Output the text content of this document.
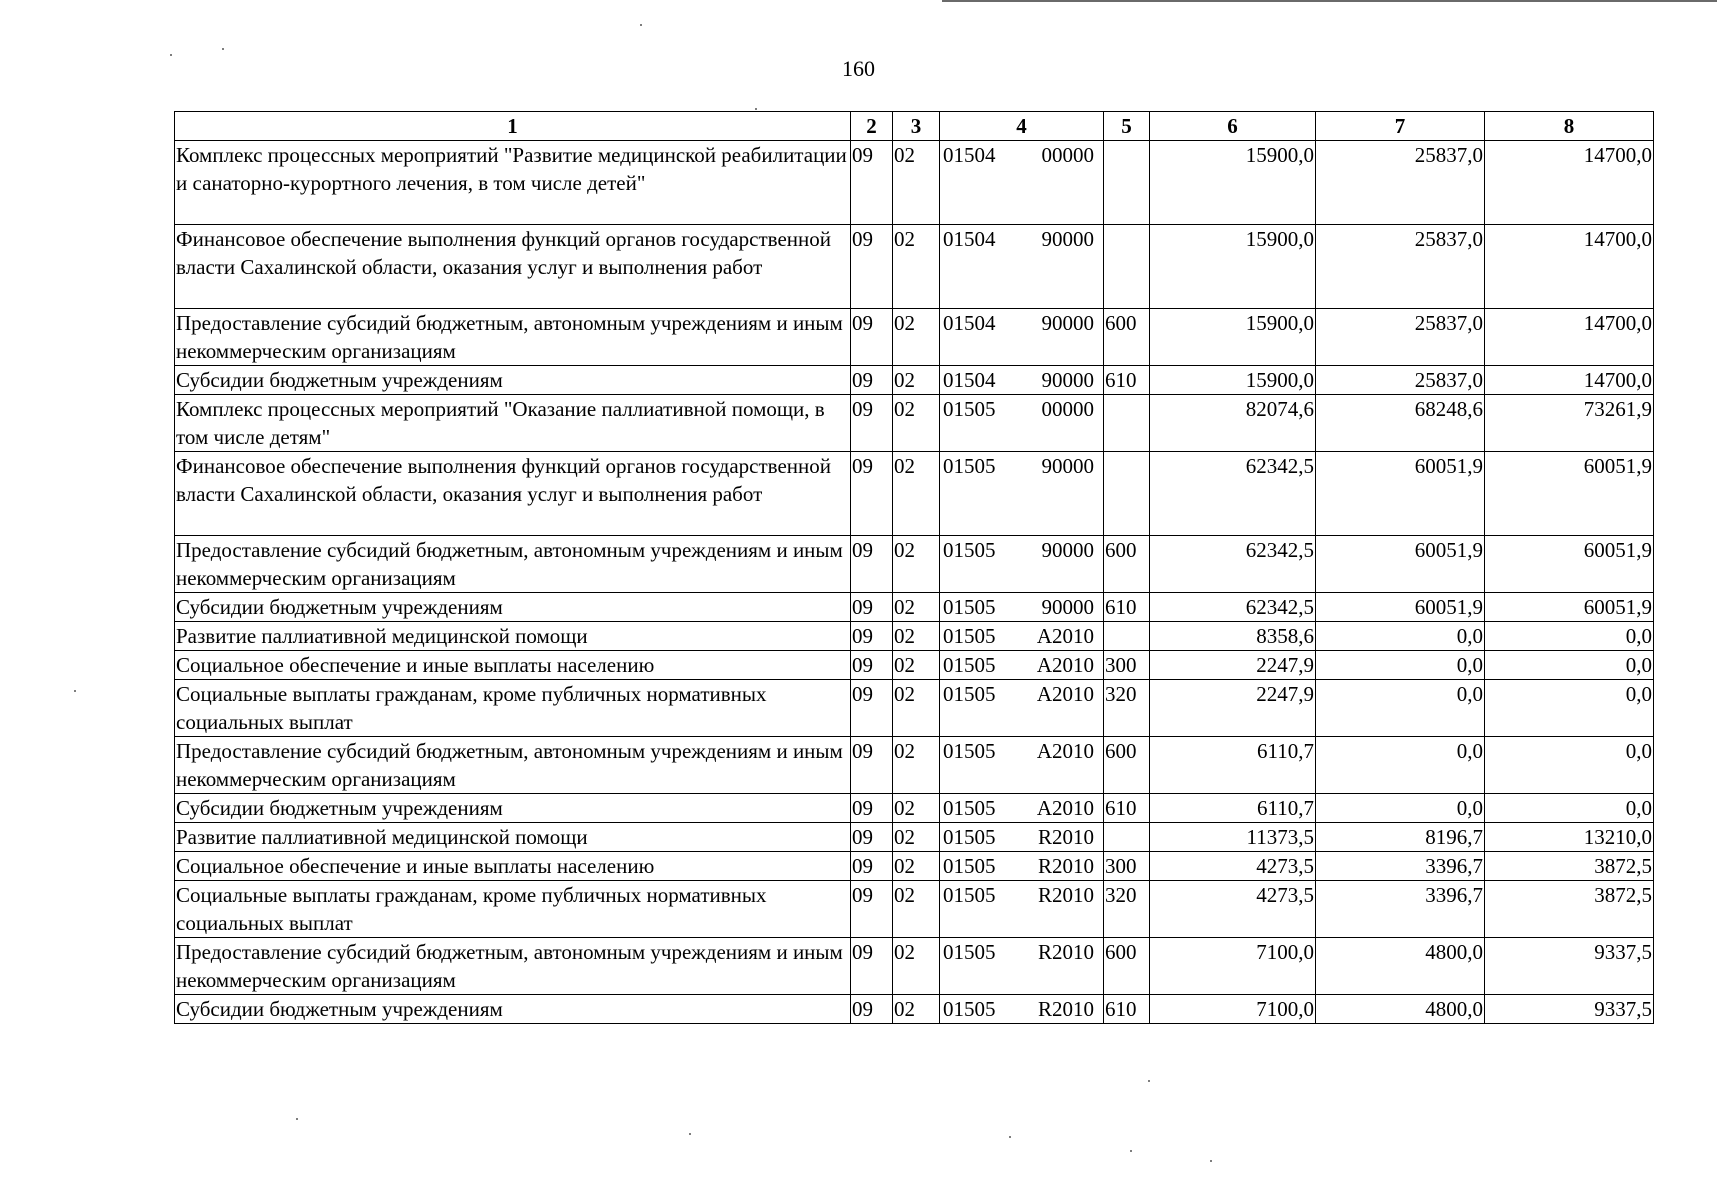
160
1	2	3	4	5	6	7	8
Комплекс процессных мероприятий "Развитие медицинской реабилитации и санаторно-курортного лечения, в том числе детей"	09	02	01504 00000		15900,0	25837,0	14700,0
Финансовое обеспечение выполнения функций органов государственной власти Сахалинской области, оказания услуг и выполнения работ	09	02	01504 90000		15900,0	25837,0	14700,0
Предоставление субсидий бюджетным, автономным учреждениям и иным некоммерческим организациям	09	02	01504 90000	600	15900,0	25837,0	14700,0
Субсидии бюджетным учреждениям	09	02	01504 90000	610	15900,0	25837,0	14700,0
Комплекс процессных мероприятий "Оказание паллиативной помощи, в том числе детям"	09	02	01505 00000		82074,6	68248,6	73261,9
Финансовое обеспечение выполнения функций органов государственной власти Сахалинской области, оказания услуг и выполнения работ	09	02	01505 90000		62342,5	60051,9	60051,9
Предоставление субсидий бюджетным, автономным учреждениям и иным некоммерческим организациям	09	02	01505 90000	600	62342,5	60051,9	60051,9
Субсидии бюджетным учреждениям	09	02	01505 90000	610	62342,5	60051,9	60051,9
Развитие паллиативной медицинской помощи	09	02	01505 A2010		8358,6	0,0	0,0
Социальное обеспечение и иные выплаты населению	09	02	01505 A2010	300	2247,9	0,0	0,0
Социальные выплаты гражданам, кроме публичных нормативных социальных выплат	09	02	01505 A2010	320	2247,9	0,0	0,0
Предоставление субсидий бюджетным, автономным учреждениям и иным некоммерческим организациям	09	02	01505 A2010	600	6110,7	0,0	0,0
Субсидии бюджетным учреждениям	09	02	01505 A2010	610	6110,7	0,0	0,0
Развитие паллиативной медицинской помощи	09	02	01505 R2010		11373,5	8196,7	13210,0
Социальное обеспечение и иные выплаты населению	09	02	01505 R2010	300	4273,5	3396,7	3872,5
Социальные выплаты гражданам, кроме публичных нормативных социальных выплат	09	02	01505 R2010	320	4273,5	3396,7	3872,5
Предоставление субсидий бюджетным, автономным учреждениям и иным некоммерческим организациям	09	02	01505 R2010	600	7100,0	4800,0	9337,5
Субсидии бюджетным учреждениям	09	02	01505 R2010	610	7100,0	4800,0	9337,5
